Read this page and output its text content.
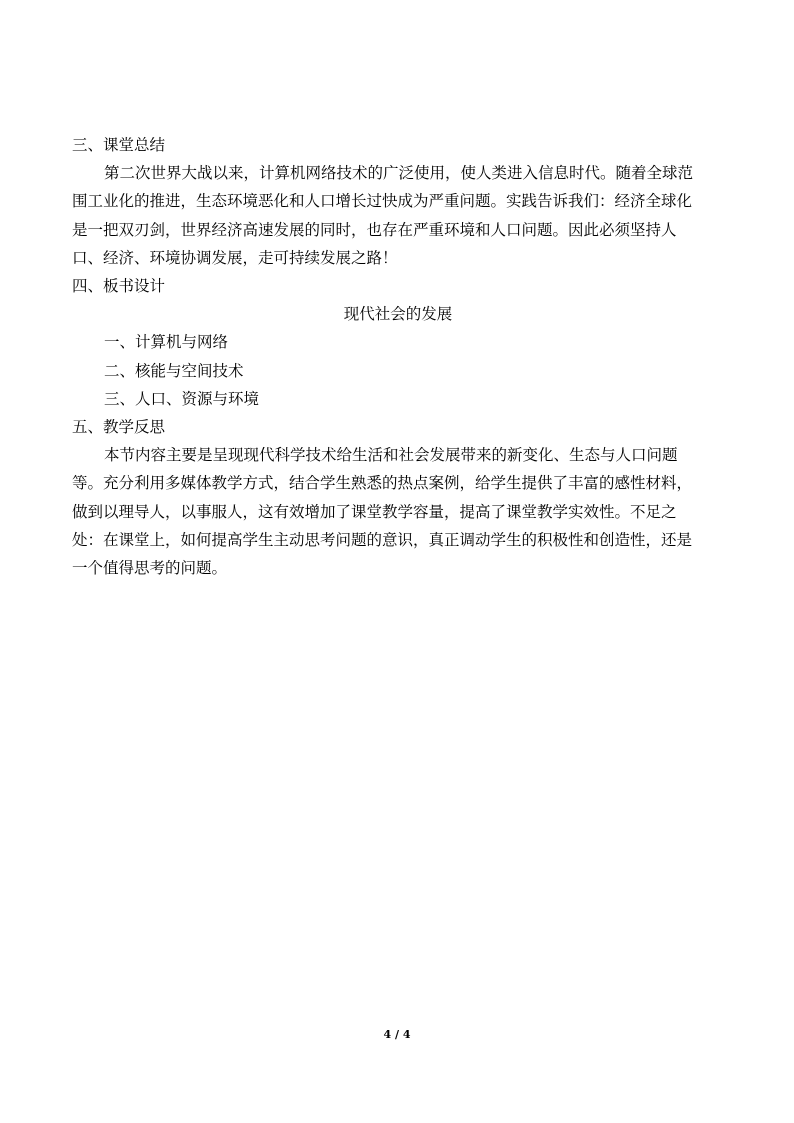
三、课堂总结

第二次世界大战以来，计算机网络技术的广泛使用，使人类进入信息时代。随着全球范
围工业化的推进，生态环境恶化和人口增长过快成为严重问题。实践告诉我们：经济全球化
是一把双刃剑，世界经济高速发展的同时，也存在严重环境和人口问题。因此必须坚持人
口、经济、环境协调发展，走可持续发展之路！

四、板书设计

现代社会的发展

一、计算机与网络

二、核能与空间技术

三、人口、资源与环境

五、教学反思

本节内容主要是呈现现代科学技术给生活和社会发展带来的新变化、生态与人口问题
等。充分利用多媒体教学方式，结合学生熟悉的热点案例，给学生提供了丰富的感性材料，
做到以理导人，以事服人，这有效增加了课堂教学容量，提高了课堂教学实效性。不足之
处：在课堂上，如何提高学生主动思考问题的意识，真正调动学生的积极性和创造性，还是
一个值得思考的问题。
4 / 4
